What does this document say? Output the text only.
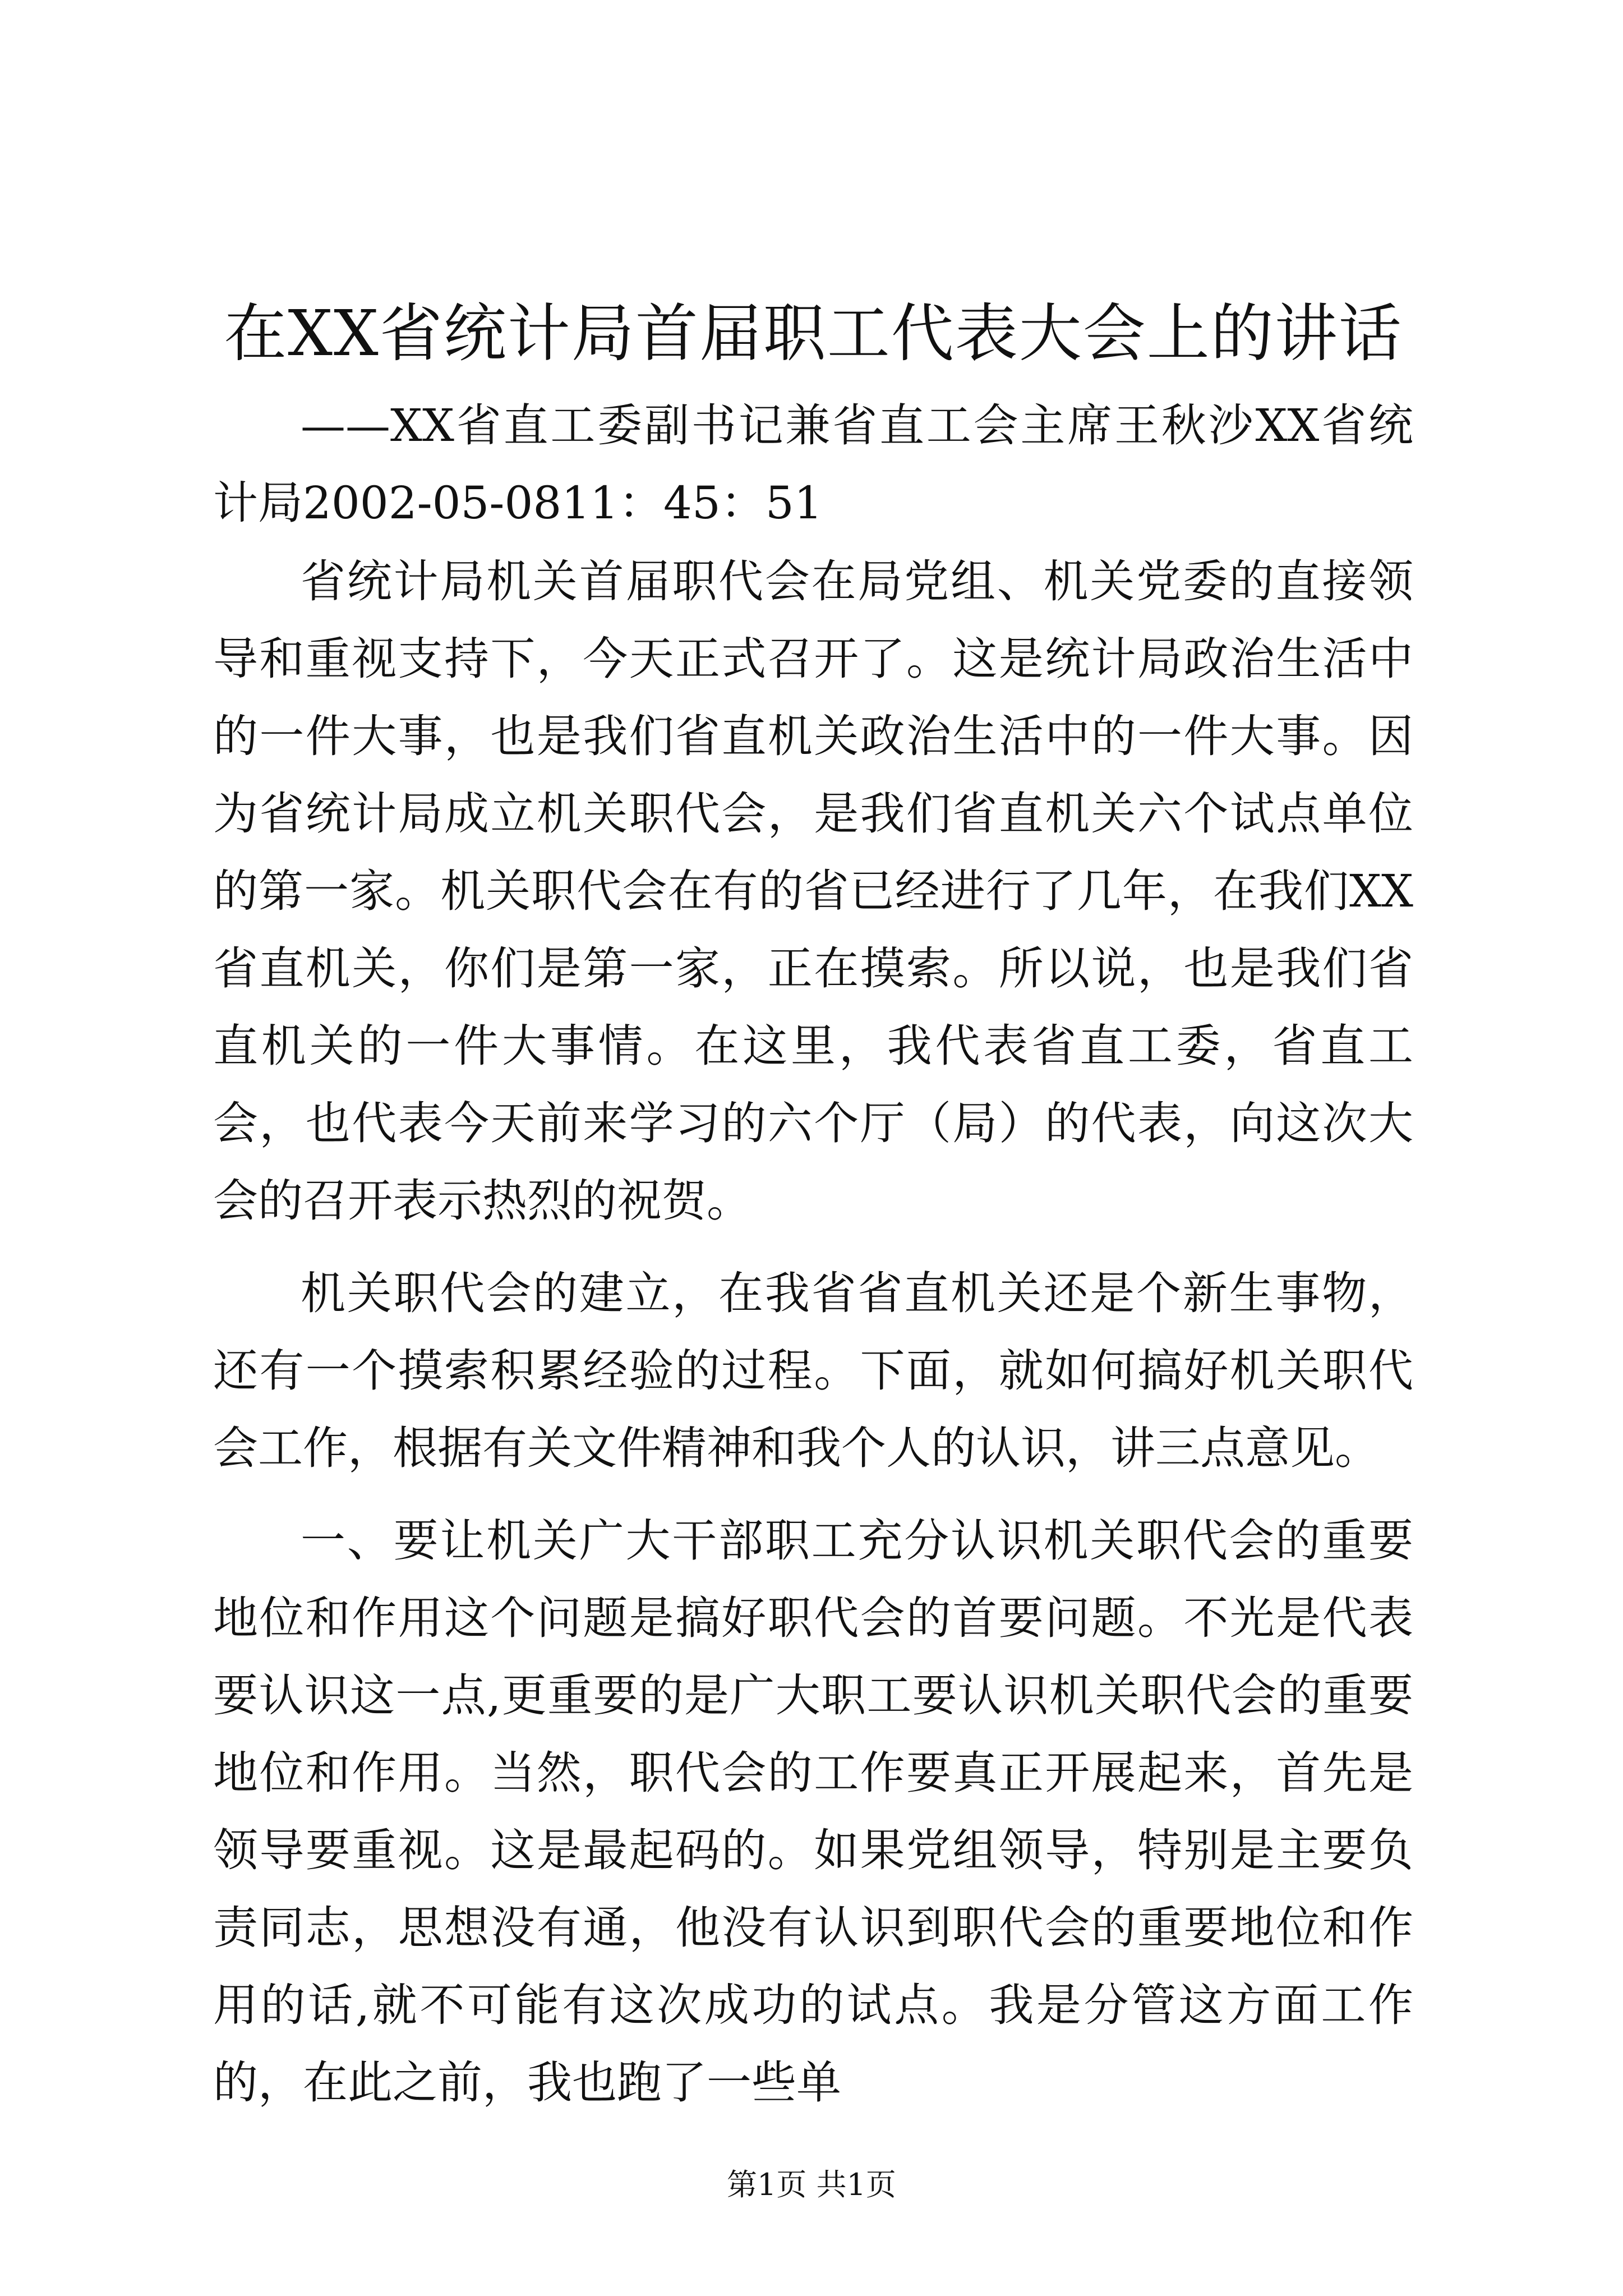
在XX省统计局首届职工代表大会上的讲话

——XX省直工委副书记兼省直工会主席王秋沙XX省统计局2002-05-0811：45：51

省统计局机关首届职代会在局党组、机关党委的直接领导和重视支持下，今天正式召开了。这是统计局政治生活中的一件大事，也是我们省直机关政治生活中的一件大事。因为省统计局成立机关职代会，是我们省直机关六个试点单位的第一家。机关职代会在有的省已经进行了几年，在我们XX省直机关，你们是第一家，正在摸索。所以说，也是我们省直机关的一件大事情。在这里，我代表省直工委，省直工会，也代表今天前来学习的六个厅（局）的代表，向这次大会的召开表示热烈的祝贺。

机关职代会的建立，在我省省直机关还是个新生事物，还有一个摸索积累经验的过程。下面，就如何搞好机关职代会工作，根据有关文件精神和我个人的认识，讲三点意见。

一、要让机关广大干部职工充分认识机关职代会的重要地位和作用这个问题是搞好职代会的首要问题。不光是代表要认识这一点,更重要的是广大职工要认识机关职代会的重要地位和作用。当然，职代会的工作要真正开展起来，首先是领导要重视。这是最起码的。如果党组领导，特别是主要负责同志，思想没有通，他没有认识到职代会的重要地位和作用的话,就不可能有这次成功的试点。我是分管这方面工作的，在此之前，我也跑了一些单

第1页 共1页
